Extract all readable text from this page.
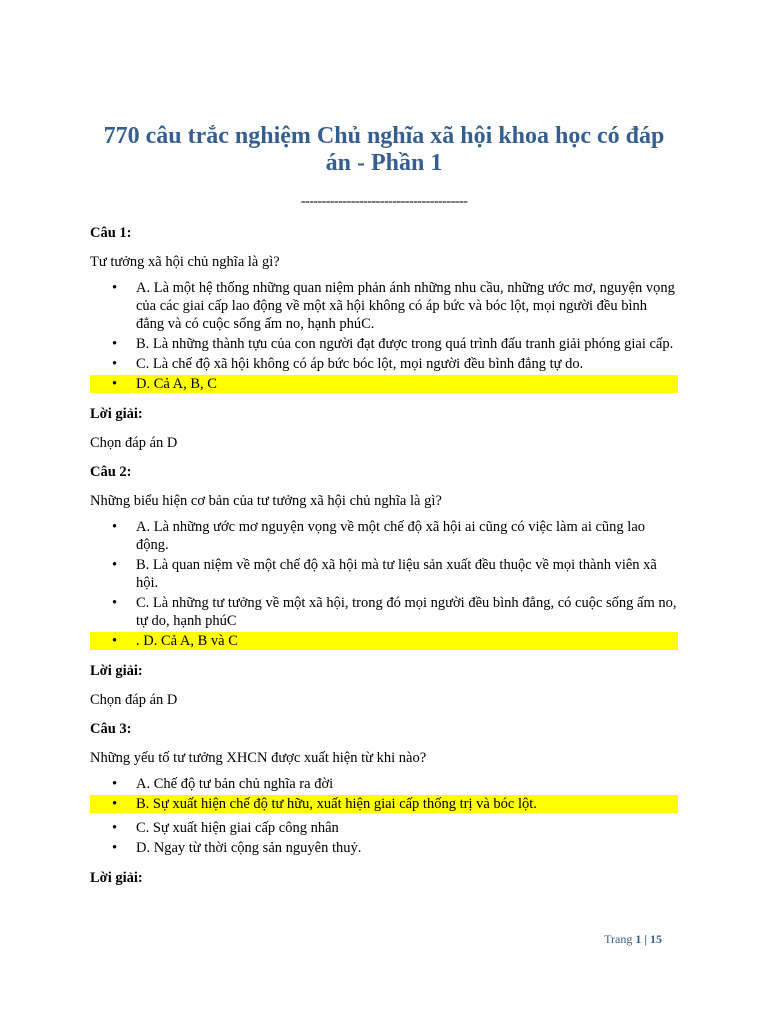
770 câu trắc nghiệm Chủ nghĩa xã hội khoa học có đáp án - Phần 1
----------------------------------------

Câu 1:

Tư tưởng xã hội chủ nghĩa là gì?

• A. Là một hệ thống những quan niệm phản ánh những nhu cầu, những ước mơ, nguyện vọng của các giai cấp lao động về một xã hội không có áp bức và bóc lột, mọi người đều bình đẳng và có cuộc sống ấm no, hạnh phúC.
• B. Là những thành tựu của con người đạt được trong quá trình đấu tranh giải phóng giai cấp.
• C. Là chế độ xã hội không có áp bức bóc lột, mọi người đều bình đẳng tự do.
• D. Cả A, B, C

Lời giải:

Chọn đáp án D

Câu 2:

Những biểu hiện cơ bản của tư tưởng xã hội chủ nghĩa là gì?

• A. Là những ước mơ nguyện vọng về một chế độ xã hội ai cũng có việc làm ai cũng lao động.
• B. Là quan niệm về một chế độ xã hội mà tư liệu sản xuất đều thuộc về mọi thành viên xã hội.
• C. Là những tư tưởng về một xã hội, trong đó mọi người đều bình đẳng, có cuộc sống ấm no, tự do, hạnh phúC
• . D. Cả A, B và C

Lời giải:

Chọn đáp án D

Câu 3:

Những yếu tố tư tưởng XHCN được xuất hiện từ khi nào?

• A. Chế độ tư bản chủ nghĩa ra đời
• B. Sự xuất hiện chế độ tư hữu, xuất hiện giai cấp thống trị và bóc lột.
• C. Sự xuất hiện giai cấp công nhân
• D. Ngay từ thời cộng sản nguyên thuỷ.

Lời giải:

Trang 1 | 15
